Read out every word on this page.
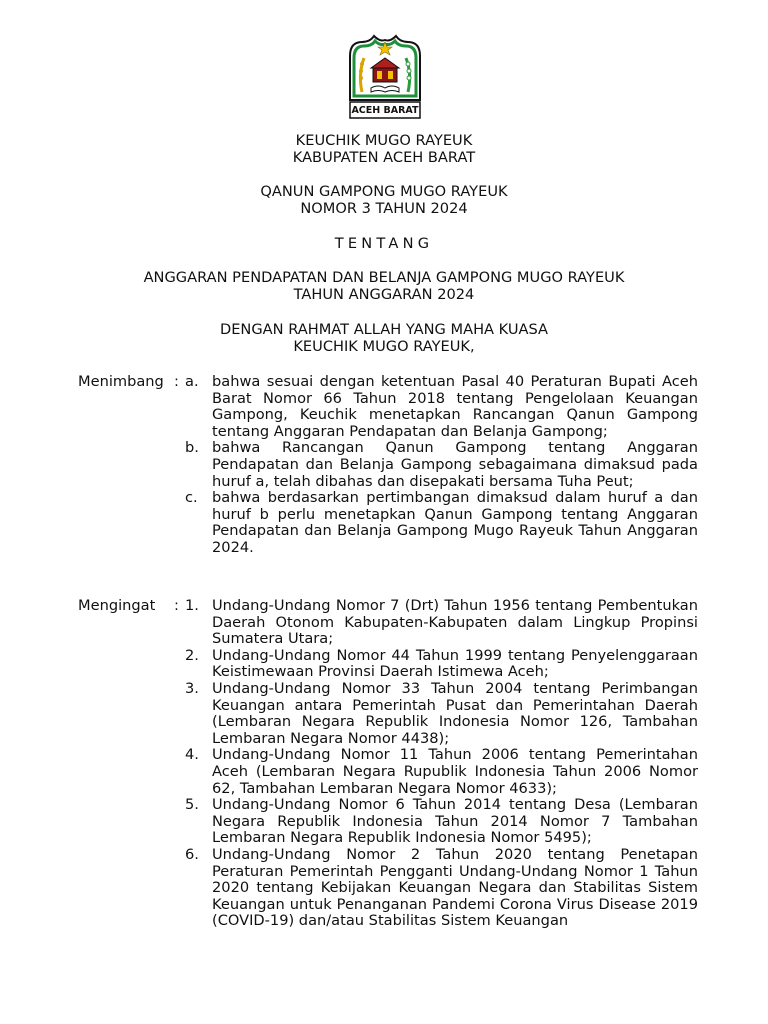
ACEH BARAT
KEUCHIK MUGO RAYEUK
KABUPATEN ACEH BARAT
QANUN GAMPONG MUGO RAYEUK
NOMOR 3 TAHUN 2024
TENTANG
ANGGARAN PENDAPATAN DAN BELANJA GAMPONG MUGO RAYEUK
TAHUN ANGGARAN 2024
DENGAN RAHMAT ALLAH YANG MAHA KUASA
KEUCHIK MUGO RAYEUK,
Menimbang : a. bahwa sesuai dengan ketentuan Pasal 40 Peraturan Bupati Aceh Barat Nomor 66 Tahun 2018 tentang Pengelolaan Keuangan Gampong, Keuchik menetapkan Rancangan Qanun Gampong tentang Anggaran Pendapatan dan Belanja Gampong;
b. bahwa Rancangan Qanun Gampong tentang Anggaran Pendapatan dan Belanja Gampong sebagaimana dimaksud pada huruf a, telah dibahas dan disepakati bersama Tuha Peut;
c. bahwa berdasarkan pertimbangan dimaksud dalam huruf a dan huruf b perlu menetapkan Qanun Gampong tentang Anggaran Pendapatan dan Belanja Gampong Mugo Rayeuk Tahun Anggaran 2024.
Mengingat	: 1. Undang-Undang Nomor 7 (Drt) Tahun 1956 tentang Pembentukan Daerah Otonom Kabupaten-Kabupaten dalam Lingkup Propinsi Sumatera Utara;
2. Undang-Undang Nomor 44 Tahun 1999 tentang Penyelenggaraan Keistimewaan Provinsi Daerah Istimewa Aceh;
3. Undang-Undang Nomor 33 Tahun 2004 tentang Perimbangan Keuangan antara Pemerintah Pusat dan Pemerintahan Daerah (Lembaran Negara Republik Indonesia Nomor 126, Tambahan Lembaran Negara Nomor 4438);
4. Undang-Undang Nomor 11 Tahun 2006 tentang Pemerintahan Aceh (Lembaran Negara Rupublik Indonesia Tahun 2006 Nomor 62, Tambahan Lembaran Negara Nomor 4633);
5. Undang-Undang Nomor 6 Tahun 2014 tentang Desa (Lembaran Negara Republik Indonesia Tahun 2014 Nomor 7 Tambahan Lembaran Negara Republik Indonesia Nomor 5495);
6. Undang-Undang Nomor 2 Tahun 2020 tentang Penetapan Peraturan Pemerintah Pengganti Undang-Undang Nomor 1 Tahun 2020 tentang Kebijakan Keuangan Negara dan Stabilitas Sistem Keuangan untuk Penanganan Pandemi Corona Virus Disease 2019 (COVID-19) dan/atau Stabilitas Sistem Keuangan
